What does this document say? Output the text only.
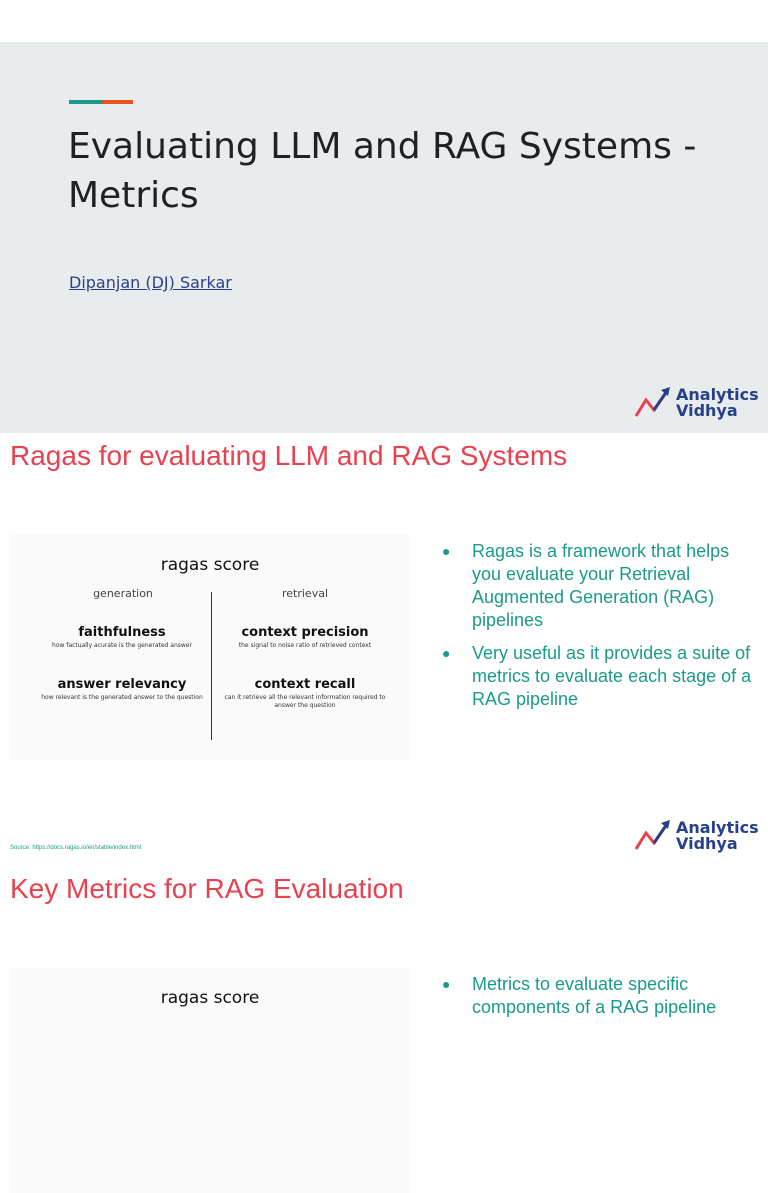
Evaluating LLM and RAG Systems - Metrics
Dipanjan (DJ) Sarkar
Analytics
Vidhya
Ragas for evaluating LLM and RAG Systems
ragas score
generation	retrieval
faithfulness
how factually acurate is the generated answer
context precision
the signal to noise ratio of retrieved context
answer relevancy
how relevant is the generated answer to the question
context recall
can it retrieve all the relevant information required to answer the question
● Ragas is a framework that helps you evaluate your Retrieval Augmented Generation (RAG) pipelines
● Very useful as it provides a suite of metrics to evaluate each stage of a RAG pipeline
Source: https://docs.ragas.io/en/stable/index.html
Analytics
Vidhya
Key Metrics for RAG Evaluation
ragas score
● Metrics to evaluate specific components of a RAG pipeline
